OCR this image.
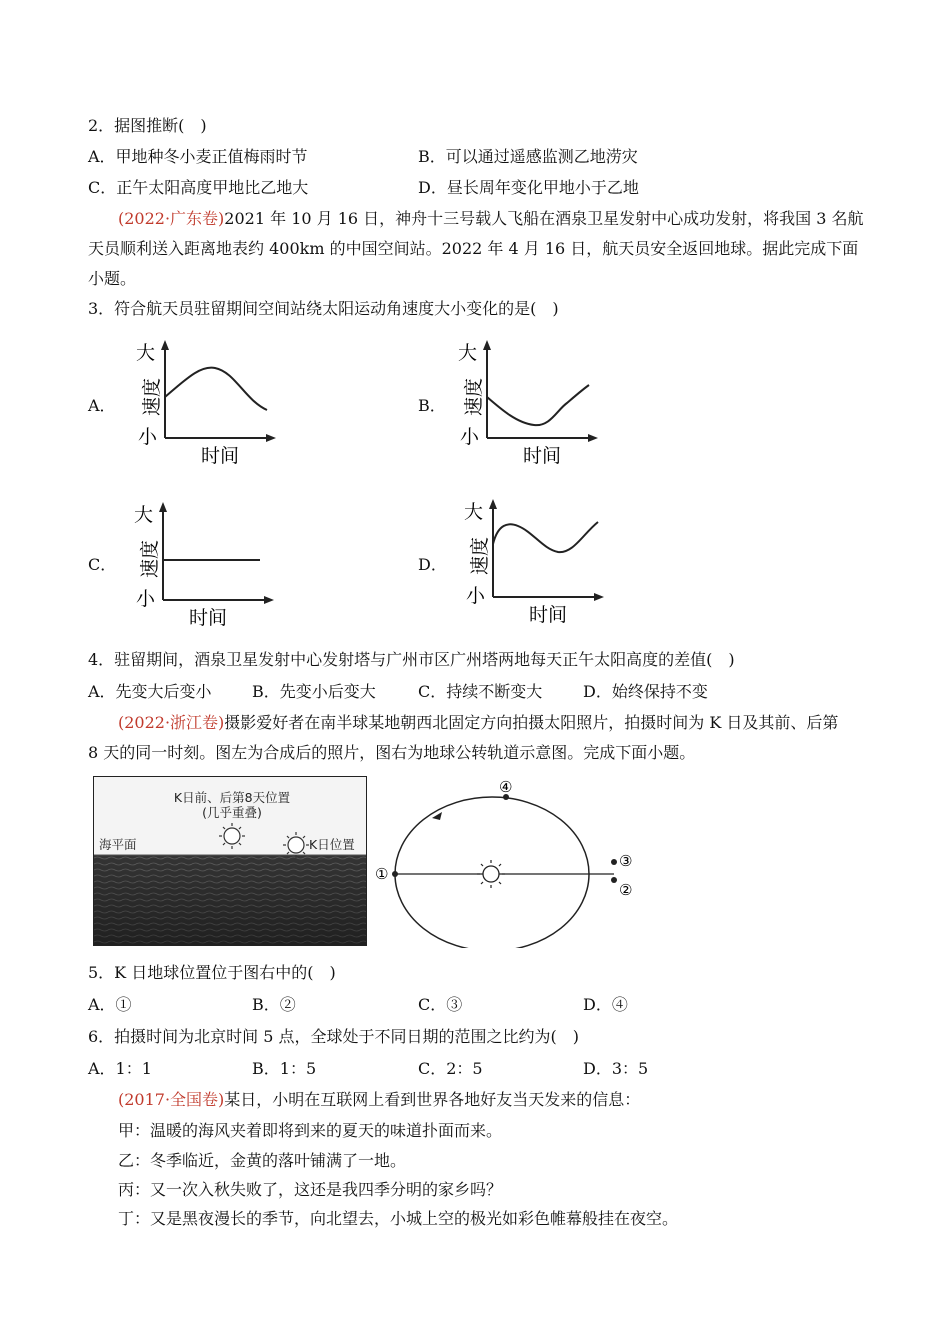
2．据图推断(　)
A．甲地种冬小麦正值梅雨时节	B．可以通过遥感监测乙地涝灾
C．正午太阳高度甲地比乙地大	D．昼长周年变化甲地小于乙地
(2022·广东卷)2021 年 10 月 16 日，神舟十三号载人飞船在酒泉卫星发射中心成功发射，将我国 3 名航
天员顺利送入距离地表约 400km 的中国空间站。2022 年 4 月 16 日，航天员安全返回地球。据此完成下面
小题。
3．符合航天员驻留期间空间站绕太阳运动角速度大小变化的是(　)
A．
大
小
速度
时间
B．
大
小
速度
时间
C．
大
小
速度
时间
D．
大
小
速度
时间
4．驻留期间，酒泉卫星发射中心发射塔与广州市区广州塔两地每天正午太阳高度的差值(　)
A．先变大后变小	B．先变小后变大	C．持续不断变大	D．始终保持不变
(2022·浙江卷)摄影爱好者在南半球某地朝西北固定方向拍摄太阳照片，拍摄时间为 K 日及其前、后第
8 天的同一时刻。图左为合成后的照片，图右为地球公转轨道示意图。完成下面小题。
K日前、后第8天位置
(几乎重叠)
海平面	K日位置
①
④
③
②
5．K 日地球位置位于图右中的(　)
A．①	B．②	C．③	D．④
6．拍摄时间为北京时间 5 点，全球处于不同日期的范围之比约为(　)
A．1：1	B．1：5	C．2：5	D．3：5
(2017·全国卷)某日，小明在互联网上看到世界各地好友当天发来的信息：
甲：温暖的海风夹着即将到来的夏天的味道扑面而来。
乙：冬季临近，金黄的落叶铺满了一地。
丙：又一次入秋失败了，这还是我四季分明的家乡吗？
丁：又是黑夜漫长的季节，向北望去，小城上空的极光如彩色帷幕般挂在夜空。
